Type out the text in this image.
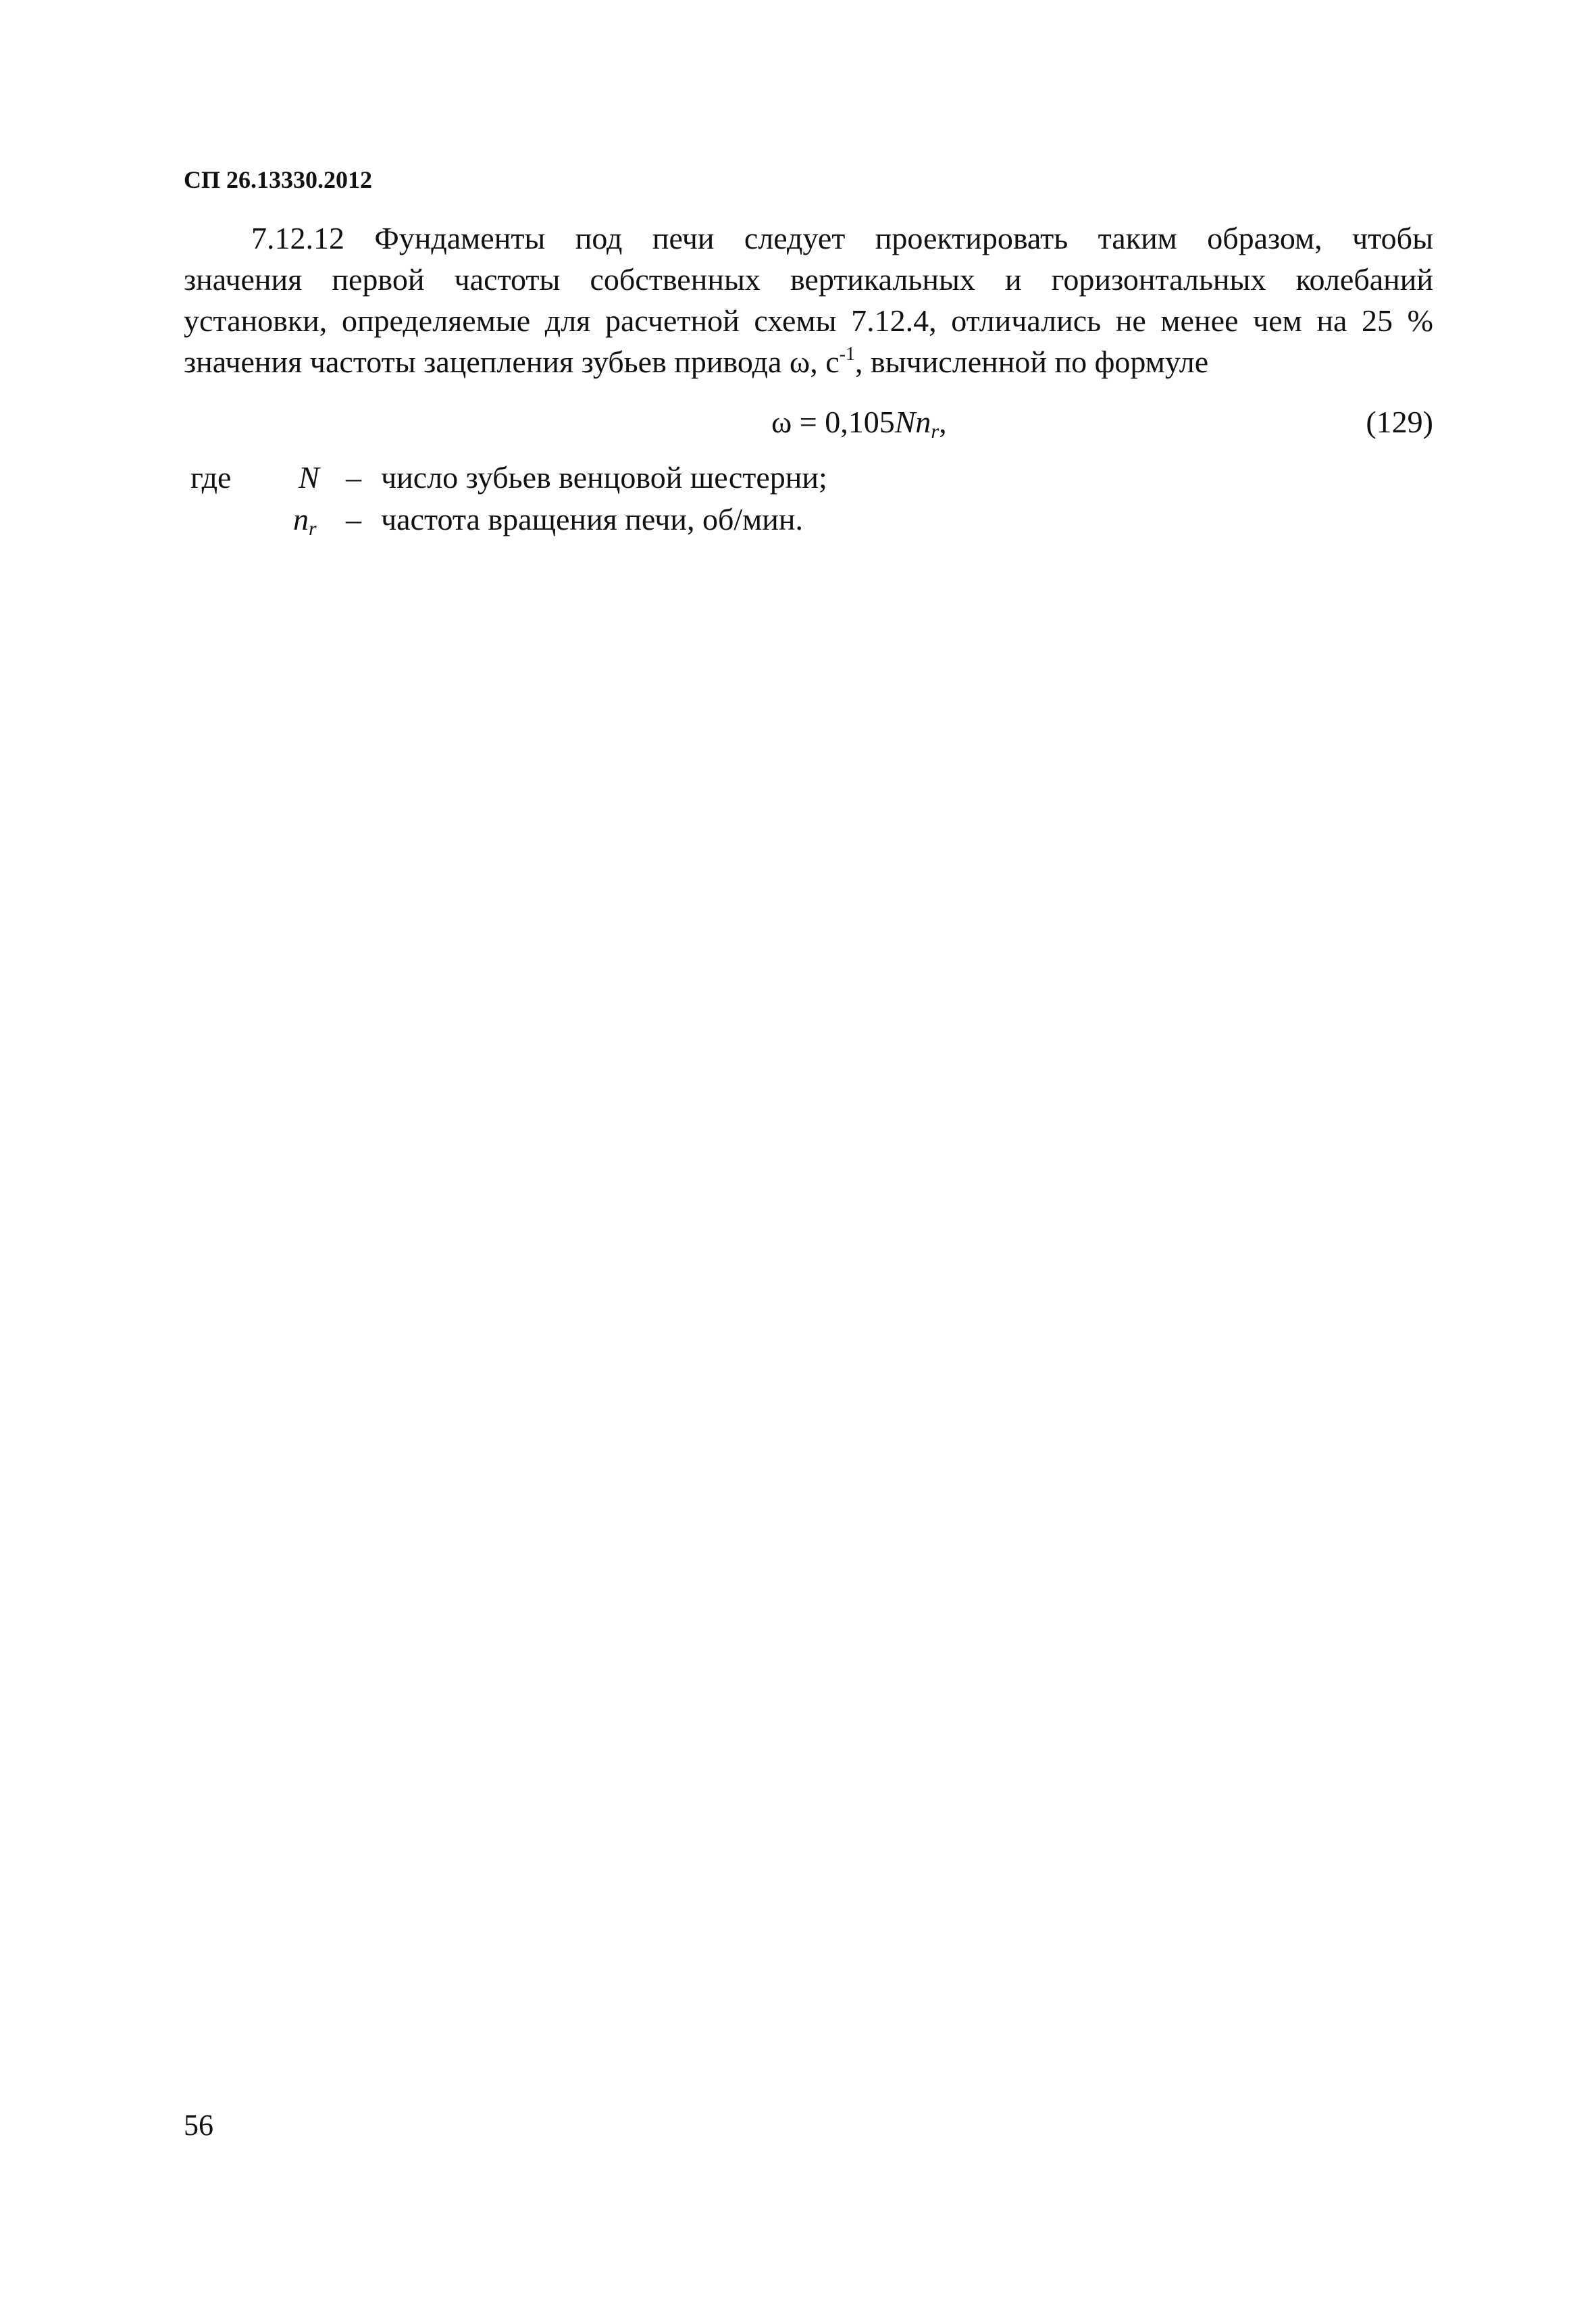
СП 26.13330.2012
7.12.12 Фундаменты под печи следует проектировать таким образом, чтобы
значения первой частоты собственных вертикальных и горизонтальных колебаний
установки, определяемые для расчетной схемы 7.12.4, отличались не менее чем на 25 %
значения частоты зацепления зубьев привода ω, $с^{-1}$, вычисленной по формуле
$\omega = 0,105Nn_r$,	(129)
где N – число зубьев венцовой шестерни;
$n_r$ – частота вращения печи, об/мин.
56
